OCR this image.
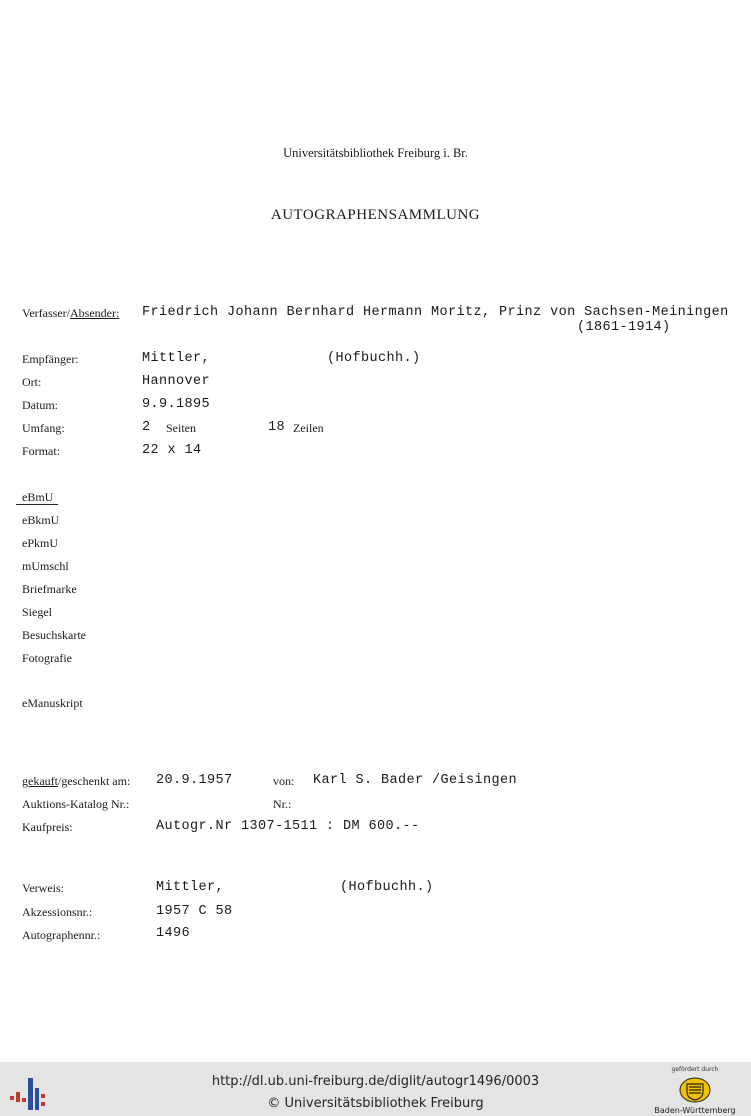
Universitätsbibliothek Freiburg i. Br.
AUTOGRAPHENSAMMLUNG
Verfasser/Absender: Friedrich Johann Bernhard Hermann Moritz, Prinz von Sachsen-Meiningen
(1861-1914)
Empfänger:	Mittler,	(Hofbuchh.)
Ort:	Hannover
Datum:	9.9.1895
Umfang:	2 Seiten	18 Zeilen
Format:	22 x 14
eBmU
eBkmU
ePkmU
mUmschl
Briefmarke
Siegel
Besuchskarte
Fotografie
eManuskript
gekauft/geschenkt am: 20.9.1957	von: Karl S. Bader /Geisingen
Auktions-Katalog Nr.:	Nr.:
Kaufpreis:	Autogr.Nr 1307-1511 : DM 600.--
Verweis:	Mittler,	(Hofbuchh.)
Akzessionsnr.:	1957 C 58
Autographennr.:	1496
http://dl.ub.uni-freiburg.de/diglit/autogr1496/0003
© Universitätsbibliothek Freiburg
gefördert durch
Baden-Württemberg
